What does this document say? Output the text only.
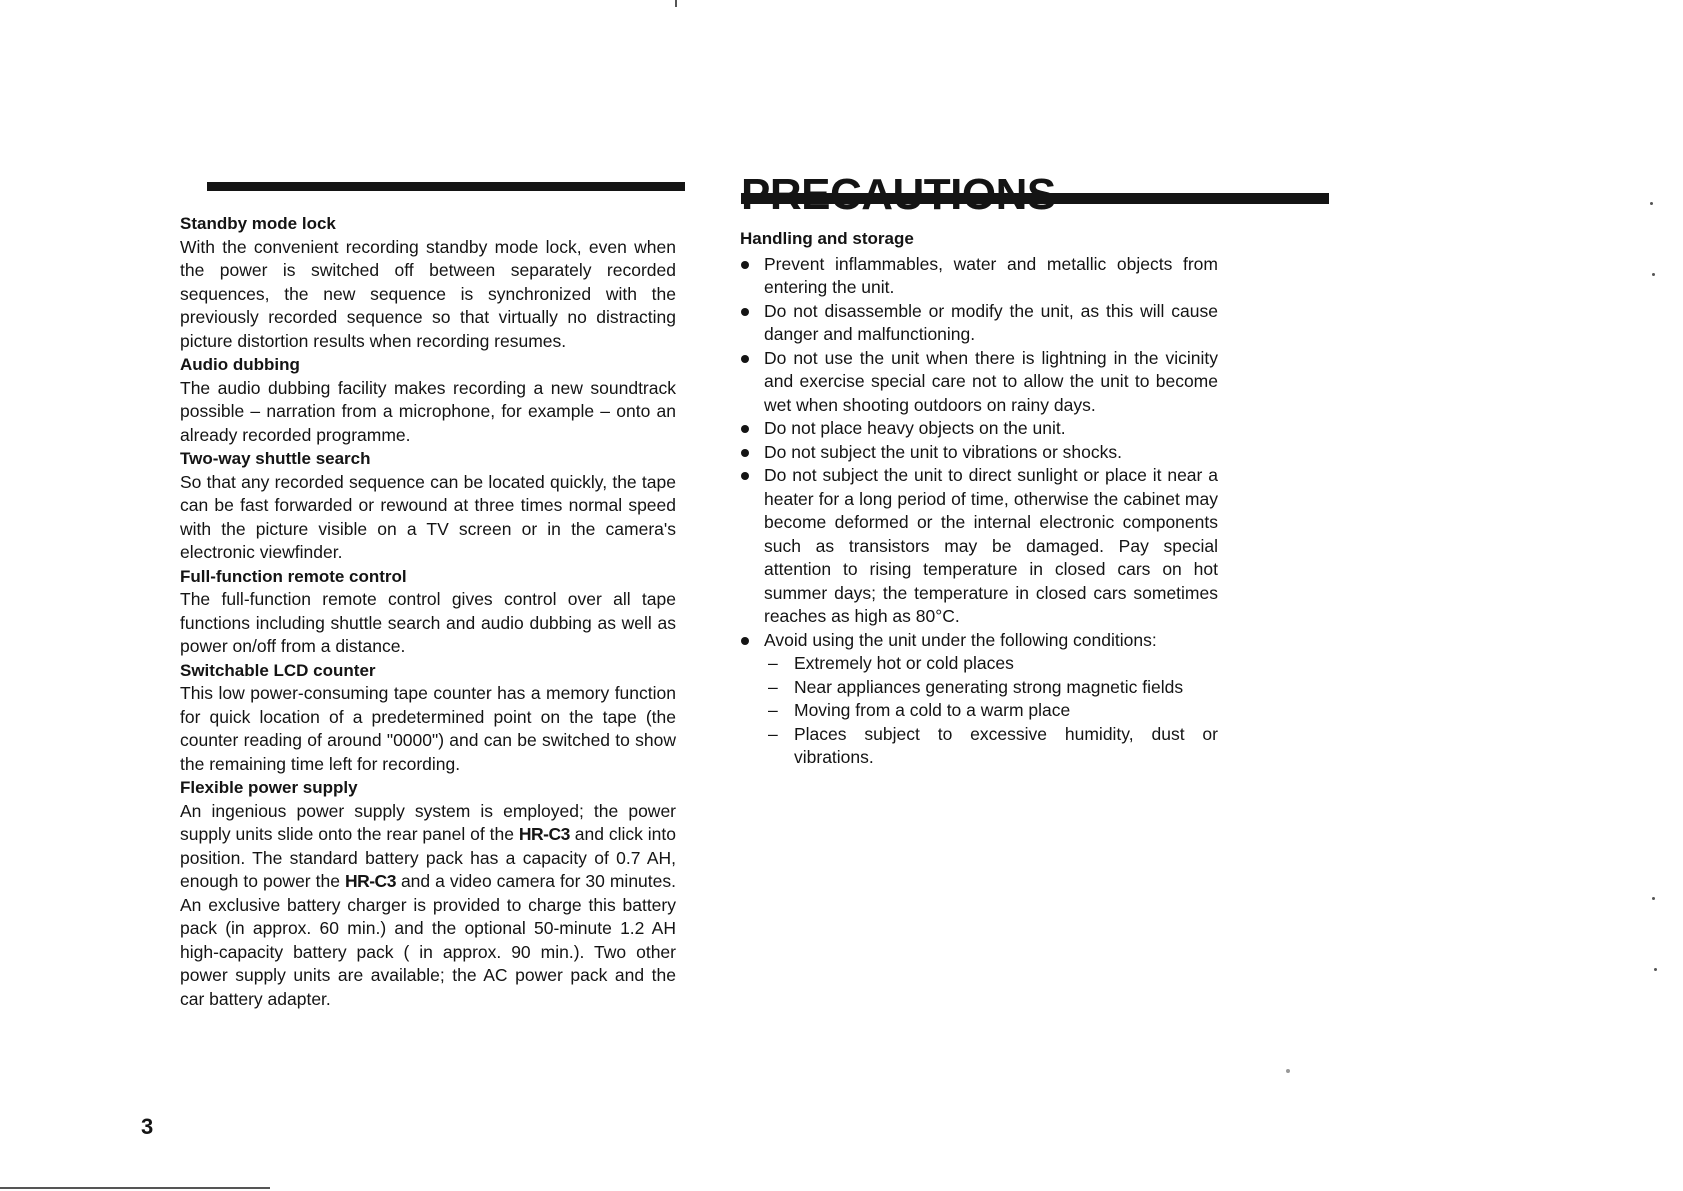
Standby mode lock
With the convenient recording standby mode lock, even when the power is switched off between separately recorded sequences, the new sequence is synchronized with the previously recorded sequence so that virtually no distracting picture distortion results when recording resumes.
Audio dubbing
The audio dubbing facility makes recording a new soundtrack possible – narration from a microphone, for example – onto an already recorded programme.
Two-way shuttle search
So that any recorded sequence can be located quickly, the tape can be fast forwarded or rewound at three times normal speed with the picture visible on a TV screen or in the camera's electronic viewfinder.
Full-function remote control
The full-function remote control gives control over all tape functions including shuttle search and audio dubbing as well as power on/off from a distance.
Switchable LCD counter
This low power-consuming tape counter has a memory function for quick location of a predetermined point on the tape (the counter reading of around "0000") and can be switched to show the remaining time left for recording.
Flexible power supply
An ingenious power supply system is employed; the power supply units slide onto the rear panel of the HR-C3 and click into position. The standard battery pack has a capacity of 0.7 AH, enough to power the HR-C3 and a video camera for 30 minutes. An exclusive battery charger is provided to charge this battery pack (in approx. 60 min.) and the optional 50-minute 1.2 AH high-capacity battery pack ( in approx. 90 min.). Two other power supply units are available; the AC power pack and the car battery adapter.
PRECAUTIONS
Handling and storage
Prevent inflammables, water and metallic objects from entering the unit.
Do not disassemble or modify the unit, as this will cause danger and malfunctioning.
Do not use the unit when there is lightning in the vicinity and exercise special care not to allow the unit to become wet when shooting outdoors on rainy days.
Do not place heavy objects on the unit.
Do not subject the unit to vibrations or shocks.
Do not subject the unit to direct sunlight or place it near a heater for a long period of time, otherwise the cabinet may become deformed or the internal electronic components such as transistors may be damaged. Pay special attention to rising temperature in closed cars on hot summer days; the temperature in closed cars sometimes reaches as high as 80°C.
Avoid using the unit under the following conditions:
– Extremely hot or cold places
– Near appliances generating strong magnetic fields
– Moving from a cold to a warm place
– Places subject to excessive humidity, dust or vibrations.
3
